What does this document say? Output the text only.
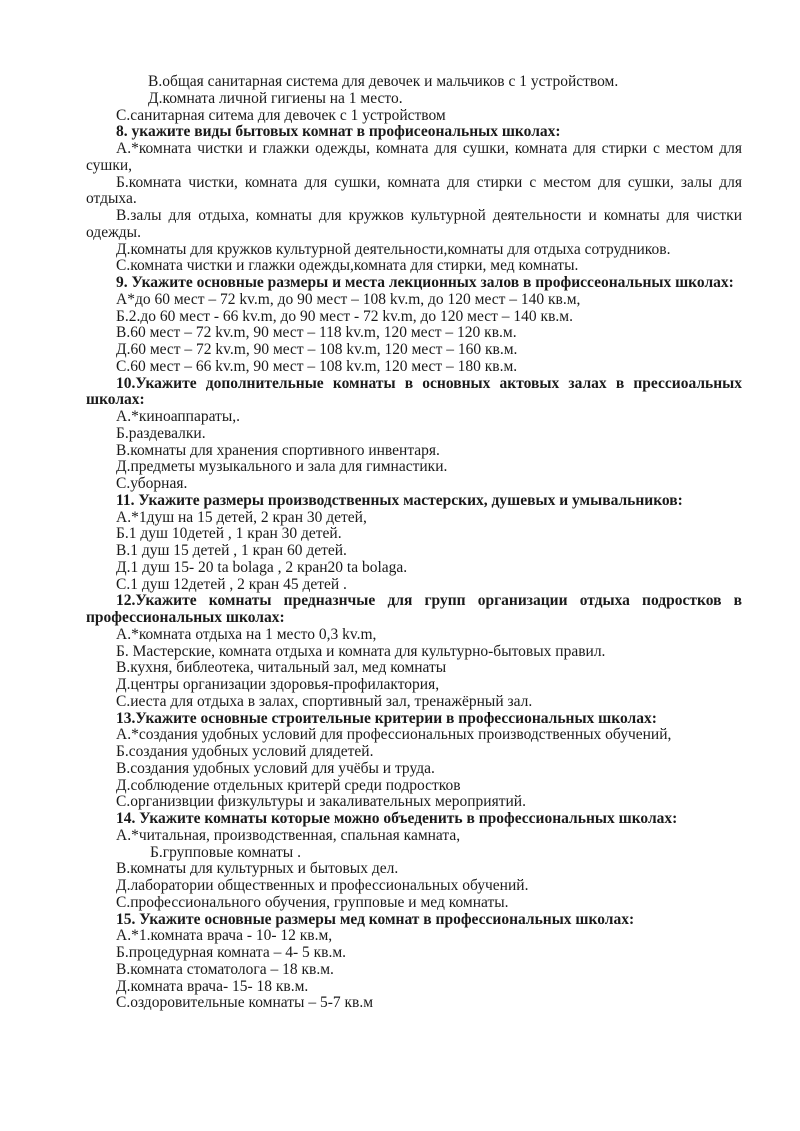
В.общая санитарная система для девочек и мальчиков с 1 устройством.
Д.комната личной гигиены на 1 место.
С.санитарная ситема для девочек с 1 устройством
8. укажите виды бытовых комнат в профисеональных школах:
А.*комната чистки и глажки одежды, комната для сушки, комната для стирки с местом для сушки,
Б.комната чистки, комната для сушки, комната для стирки с местом для сушки, залы для отдыха.
В.залы для отдыха, комнаты для кружков культурной деятельности и комнаты для чистки одежды.
Д.комнаты для кружков культурной деятельности,комнаты для отдыха сотрудников.
С.комната чистки и глажки одежды,комната для стирки, мед комнаты.
9. Укажите основные размеры и места лекционных залов в профиссеональных школах:
А*до 60 мест – 72 kv.m, до 90 мест – 108 kv.m, до 120 мест – 140 кв.м,
Б.2.до 60 мест - 66 kv.m, до 90 мест - 72 kv.m, до 120 мест – 140 кв.м.
В.60 мест – 72 kv.m, 90 мест – 118 kv.m, 120 мест – 120 кв.м.
Д.60 мест – 72 kv.m, 90 мест – 108 kv.m, 120 мест – 160 кв.м.
С.60 мест – 66 kv.m, 90 мест – 108 kv.m, 120 мест – 180 кв.м.
10.Укажите дополнительные комнаты в основных актовых залах в прессиоальных школах:
А.*киноаппараты,.
Б.раздевалки.
В.комнаты для хранения спортивного инвентаря.
Д.предметы музыкального и зала для гимнастики.
С.уборная.
11. Укажите размеры производственных мастерских, душевых и умывальников:
А.*1душ на 15 детей, 2 кран 30 детей,
Б.1 душ 10детей , 1 кран 30 детей.
В.1 душ 15 детей , 1 кран 60 детей.
Д.1 душ 15- 20 ta bolaga , 2 кран20 ta bolaga.
С.1 душ 12детей , 2 кран 45 детей .
12.Укажите комнаты предназнчые для групп организации отдыха подростков в профессиональных школах:
А.*комната отдыха на 1 место 0,3 kv.m,
Б. Мастерские, комната отдыха и комната для культурно-бытовых правил.
В.кухня, библеотека, читальный зал, мед комнаты
Д.центры организации здоровья-профилактория,
С.иеста для отдыха в залах, спортивный зал, тренажёрный зал.
13.Укажите основные строительные критерии в профессиональных школах:
А.*создания удобных условий для профессиональных производственных обучений,
Б.создания удобных условий длядетей.
В.создания удобных условий для учёбы и труда.
Д.соблюдение отдельных критерй среди подростков
С.организвции физкультуры и закаливательных мероприятий.
14. Укажите комнаты которые можно объеденить в профессиональных школах:
А.*читальная, производственная, спальная камната,
Б.групповые комнаты .
В.комнаты для культурных и бытовых дел.
Д.лаборатории общественных и профессиональных обучений.
С.профессионального обучения, групповые и мед комнаты.
15. Укажите основные размеры мед комнат в профессиональных школах:
А.*1.комната врача - 10- 12 кв.м,
Б.процедурная комната – 4- 5 кв.м.
В.комната стоматолога – 18 кв.м.
Д.комната врача- 15- 18 кв.м.
С.оздоровительные комнаты – 5-7 кв.м
